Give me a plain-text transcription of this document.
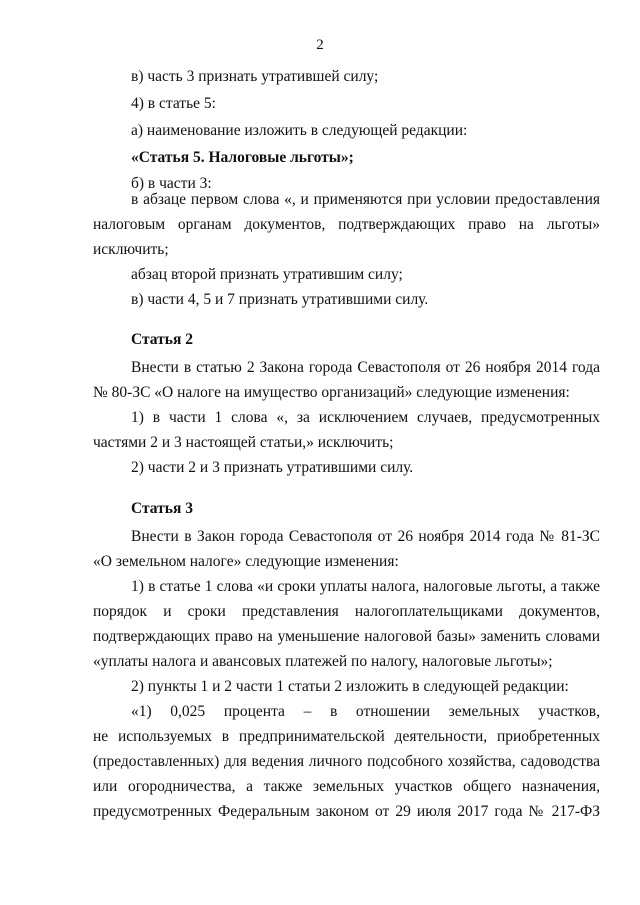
2
в) часть 3 признать утратившей силу;
4) в статье 5:
а) наименование изложить в следующей редакции:
«Статья 5. Налоговые льготы»;
б) в части 3:
в абзаце первом слова «, и применяются при условии предоставления
налоговым органам документов, подтверждающих право на льготы»
исключить;
абзац второй признать утратившим силу;
в) части 4, 5 и 7 признать утратившими силу.
Статья 2
Внести в статью 2 Закона города Севастополя от 26 ноября 2014 года
№ 80-ЗС «О налоге на имущество организаций» следующие изменения:
1) в части 1 слова «, за исключением случаев, предусмотренных
частями 2 и 3 настоящей статьи,» исключить;
2) части 2 и 3 признать утратившими силу.
Статья 3
Внести в Закон города Севастополя от 26 ноября 2014 года № 81-ЗС
«О земельном налоге» следующие изменения:
1) в статье 1 слова «и сроки уплаты налога, налоговые льготы, а также
порядок и сроки представления налогоплательщиками документов,
подтверждающих право на уменьшение налоговой базы» заменить словами
«уплаты налога и авансовых платежей по налогу, налоговые льготы»;
2) пункты 1 и 2 части 1 статьи 2 изложить в следующей редакции:
«1) 0,025 процента – в отношении земельных участков,
не используемых в предпринимательской деятельности, приобретенных
(предоставленных) для ведения личного подсобного хозяйства, садоводства
или огородничества, а также земельных участков общего назначения,
предусмотренных Федеральным законом от 29 июля 2017 года № 217-ФЗ
